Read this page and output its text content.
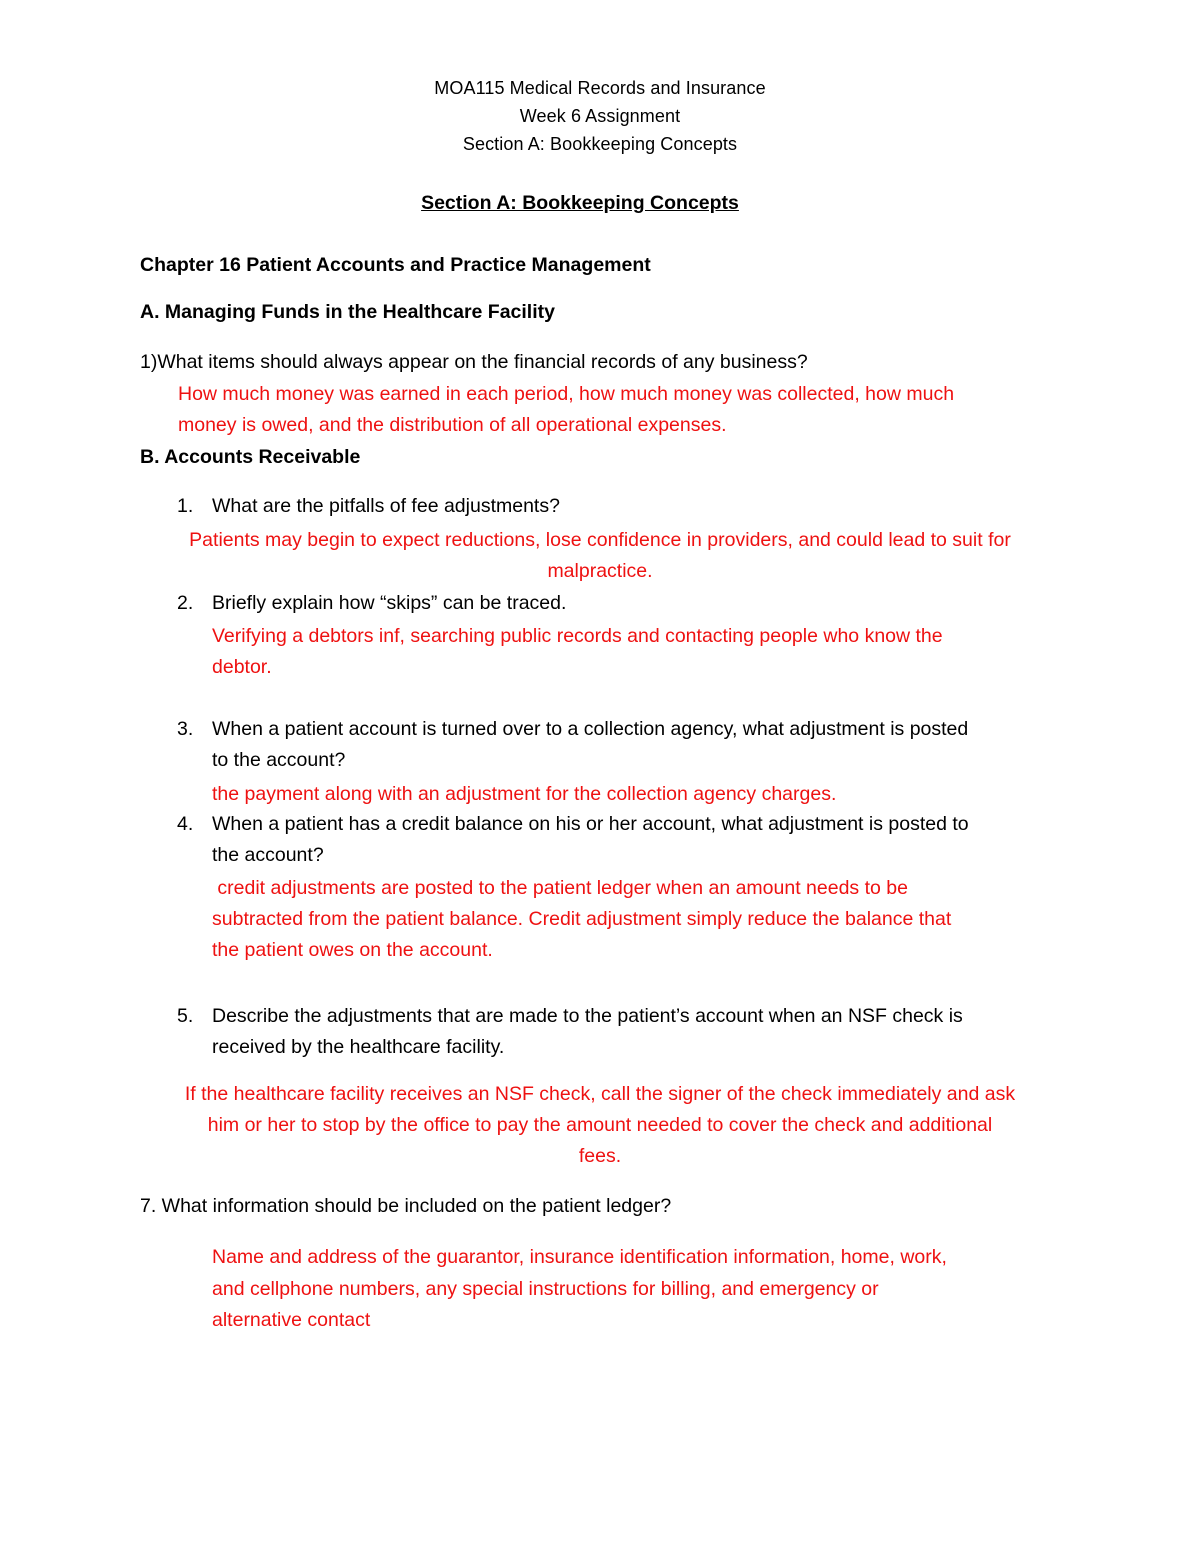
MOA115 Medical Records and Insurance

Week 6 Assignment

Section A: Bookkeeping Concepts

Section A: Bookkeeping Concepts

Chapter 16 Patient Accounts and Practice Management

A. Managing Funds in the Healthcare Facility

1)What items should always appear on the financial records of any business?

How much money was earned in each period, how much money was collected, how much

money is owed, and the distribution of all operational expenses.

B. Accounts Receivable

1. What are the pitfalls of fee adjustments?

Patients may begin to expect reductions, lose confidence in providers, and could lead to suit for

malpractice.

2. Briefly explain how “skips” can be traced.

Verifying a debtors inf, searching public records and contacting people who know the

debtor.

3. When a patient account is turned over to a collection agency, what adjustment is posted

to the account?

the payment along with an adjustment for the collection agency charges.

4. When a patient has a credit balance on his or her account, what adjustment is posted to

the account?

credit adjustments are posted to the patient ledger when an amount needs to be

subtracted from the patient balance. Credit adjustment simply reduce the balance that

the patient owes on the account.

5. Describe the adjustments that are made to the patient’s account when an NSF check is

received by the healthcare facility.

If the healthcare facility receives an NSF check, call the signer of the check immediately and ask

him or her to stop by the office to pay the amount needed to cover the check and additional

fees.

7. What information should be included on the patient ledger?

Name and address of the guarantor, insurance identification information, home, work,

and cellphone numbers, any special instructions for billing, and emergency or

alternative contact
